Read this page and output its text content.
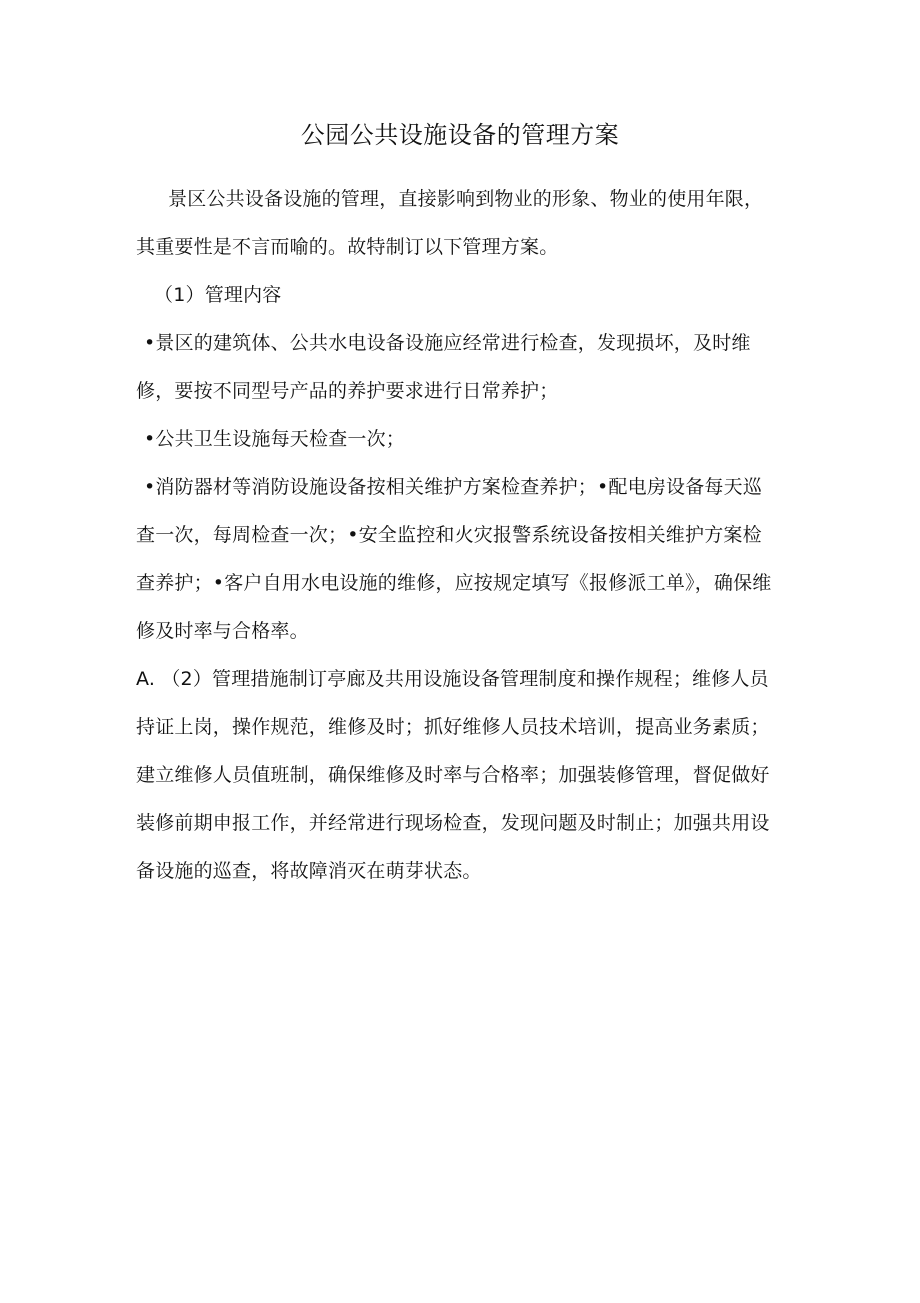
公园公共设施设备的管理方案

景区公共设备设施的管理，直接影响到物业的形象、物业的使用年限，其重要性是不言而喻的。故特制订以下管理方案。

（1）管理内容

•景区的建筑体、公共水电设备设施应经常进行检查，发现损坏，及时维修，要按不同型号产品的养护要求进行日常养护；

•公共卫生设施每天检查一次；

•消防器材等消防设施设备按相关维护方案检查养护；•配电房设备每天巡查一次，每周检查一次；•安全监控和火灾报警系统设备按相关维护方案检查养护；•客户自用水电设施的维修，应按规定填写《报修派工单》，确保维修及时率与合格率。

A. （2）管理措施制订亭廊及共用设施设备管理制度和操作规程；维修人员持证上岗，操作规范，维修及时；抓好维修人员技术培训，提高业务素质；建立维修人员值班制，确保维修及时率与合格率；加强装修管理，督促做好装修前期申报工作，并经常进行现场检查，发现问题及时制止；加强共用设备设施的巡查，将故障消灭在萌芽状态。
